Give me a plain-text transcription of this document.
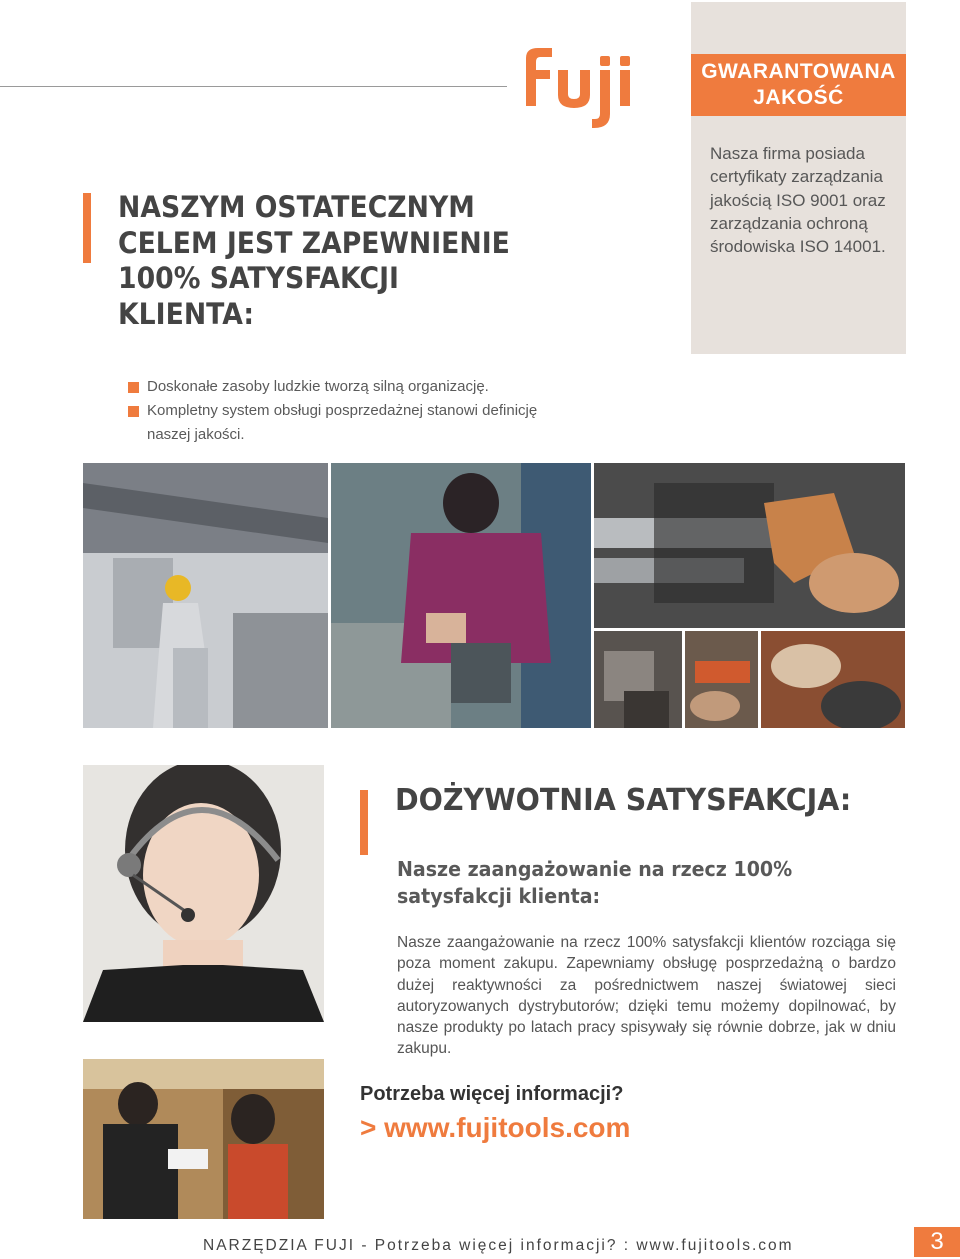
GWARANTOWANA
JAKOŚĆ
Nasza firma posiada certyfikaty zarządzania jakością ISO 9001 oraz zarządzania ochroną środowiska ISO 14001.
NASZYM OSTATECZNYM
CELEM JEST ZAPEWNIENIE
100% SATYSFAKCJI
KLIENTA:
Doskonałe zasoby ludzkie tworzą silną organizację.
Kompletny system obsługi posprzedażnej stanowi definicję naszej jakości.
DOŻYWOTNIA SATYSFAKCJA:
Nasze zaangażowanie na rzecz 100% satysfakcji klienta:
Nasze zaangażowanie na rzecz 100% satysfakcji klientów rozciąga się poza moment zakupu. Zapewniamy obsługę posprzedażną o bardzo dużej reaktywności za pośrednictwem naszej światowej sieci autoryzowanych dystrybutorów; dzięki temu możemy dopilnować, by nasze produkty po latach pracy spisywały się równie dobrze, jak w dniu zakupu.
Potrzeba więcej informacji?
> www.fujitools.com
NARZĘDZIA FUJI - Potrzeba więcej informacji? : www.fujitools.com	3
